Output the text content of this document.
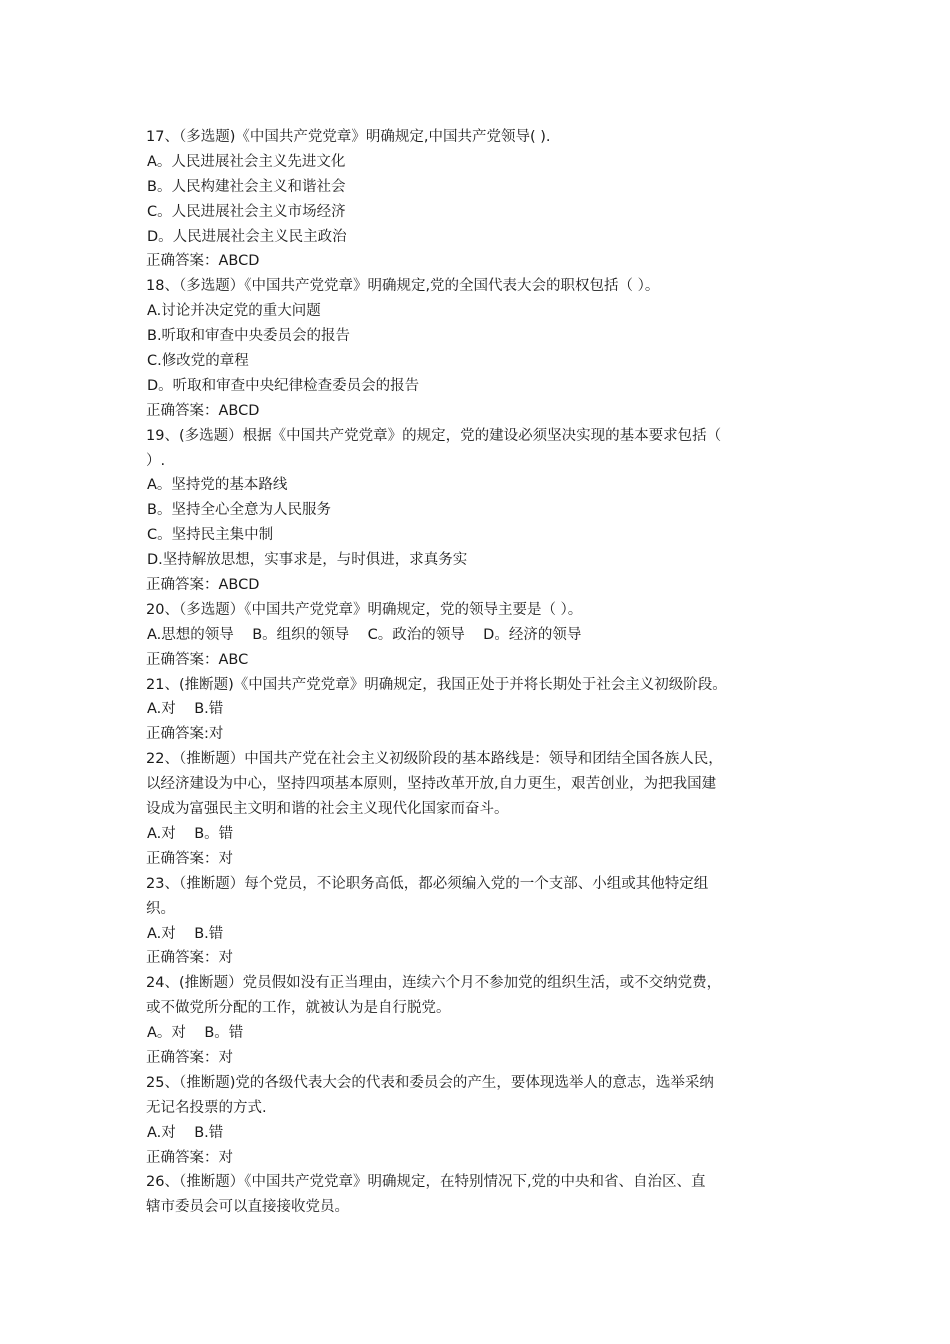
17、（多选题)《中国共产党党章》明确规定,中国共产党领导( ).
A。人民进展社会主义先进文化
B。人民构建社会主义和谐社会
C。人民进展社会主义市场经济
D。人民进展社会主义民主政治
正确答案：ABCD
18、（多选题）《中国共产党党章》明确规定,党的全国代表大会的职权包括（ ）。
A.讨论并决定党的重大问题
B.听取和审查中央委员会的报告
C.修改党的章程
D。听取和审查中央纪律检查委员会的报告
正确答案：ABCD
19、(多选题）根据《中国共产党党章》的规定，党的建设必须坚决实现的基本要求包括（
）.
A。坚持党的基本路线
B。坚持全心全意为人民服务
C。坚持民主集中制
D.坚持解放思想，实事求是，与时俱进，求真务实
正确答案：ABCD
20、（多选题）《中国共产党党章》明确规定，党的领导主要是（ ）。
A.思想的领导    B。组织的领导    C。政治的领导    D。经济的领导
正确答案：ABC
21、(推断题)《中国共产党党章》明确规定，我国正处于并将长期处于社会主义初级阶段。
A.对    B.错
正确答案:对
22、（推断题）中国共产党在社会主义初级阶段的基本路线是：领导和团结全国各族人民，
以经济建设为中心，坚持四项基本原则，坚持改革开放,自力更生，艰苦创业，为把我国建
设成为富强民主文明和谐的社会主义现代化国家而奋斗。
A.对    B。错
正确答案：对
23、（推断题）每个党员，不论职务高低，都必须编入党的一个支部、小组或其他特定组
织。
A.对    B.错
正确答案：对
24、(推断题）党员假如没有正当理由，连续六个月不参加党的组织生活，或不交纳党费，
或不做党所分配的工作，就被认为是自行脱党。
A。对    B。错
正确答案：对
25、（推断题)党的各级代表大会的代表和委员会的产生，要体现选举人的意志，选举采纳
无记名投票的方式.
A.对    B.错
正确答案：对
26、（推断题）《中国共产党党章》明确规定，在特别情况下,党的中央和省、自治区、直
辖市委员会可以直接接收党员。
